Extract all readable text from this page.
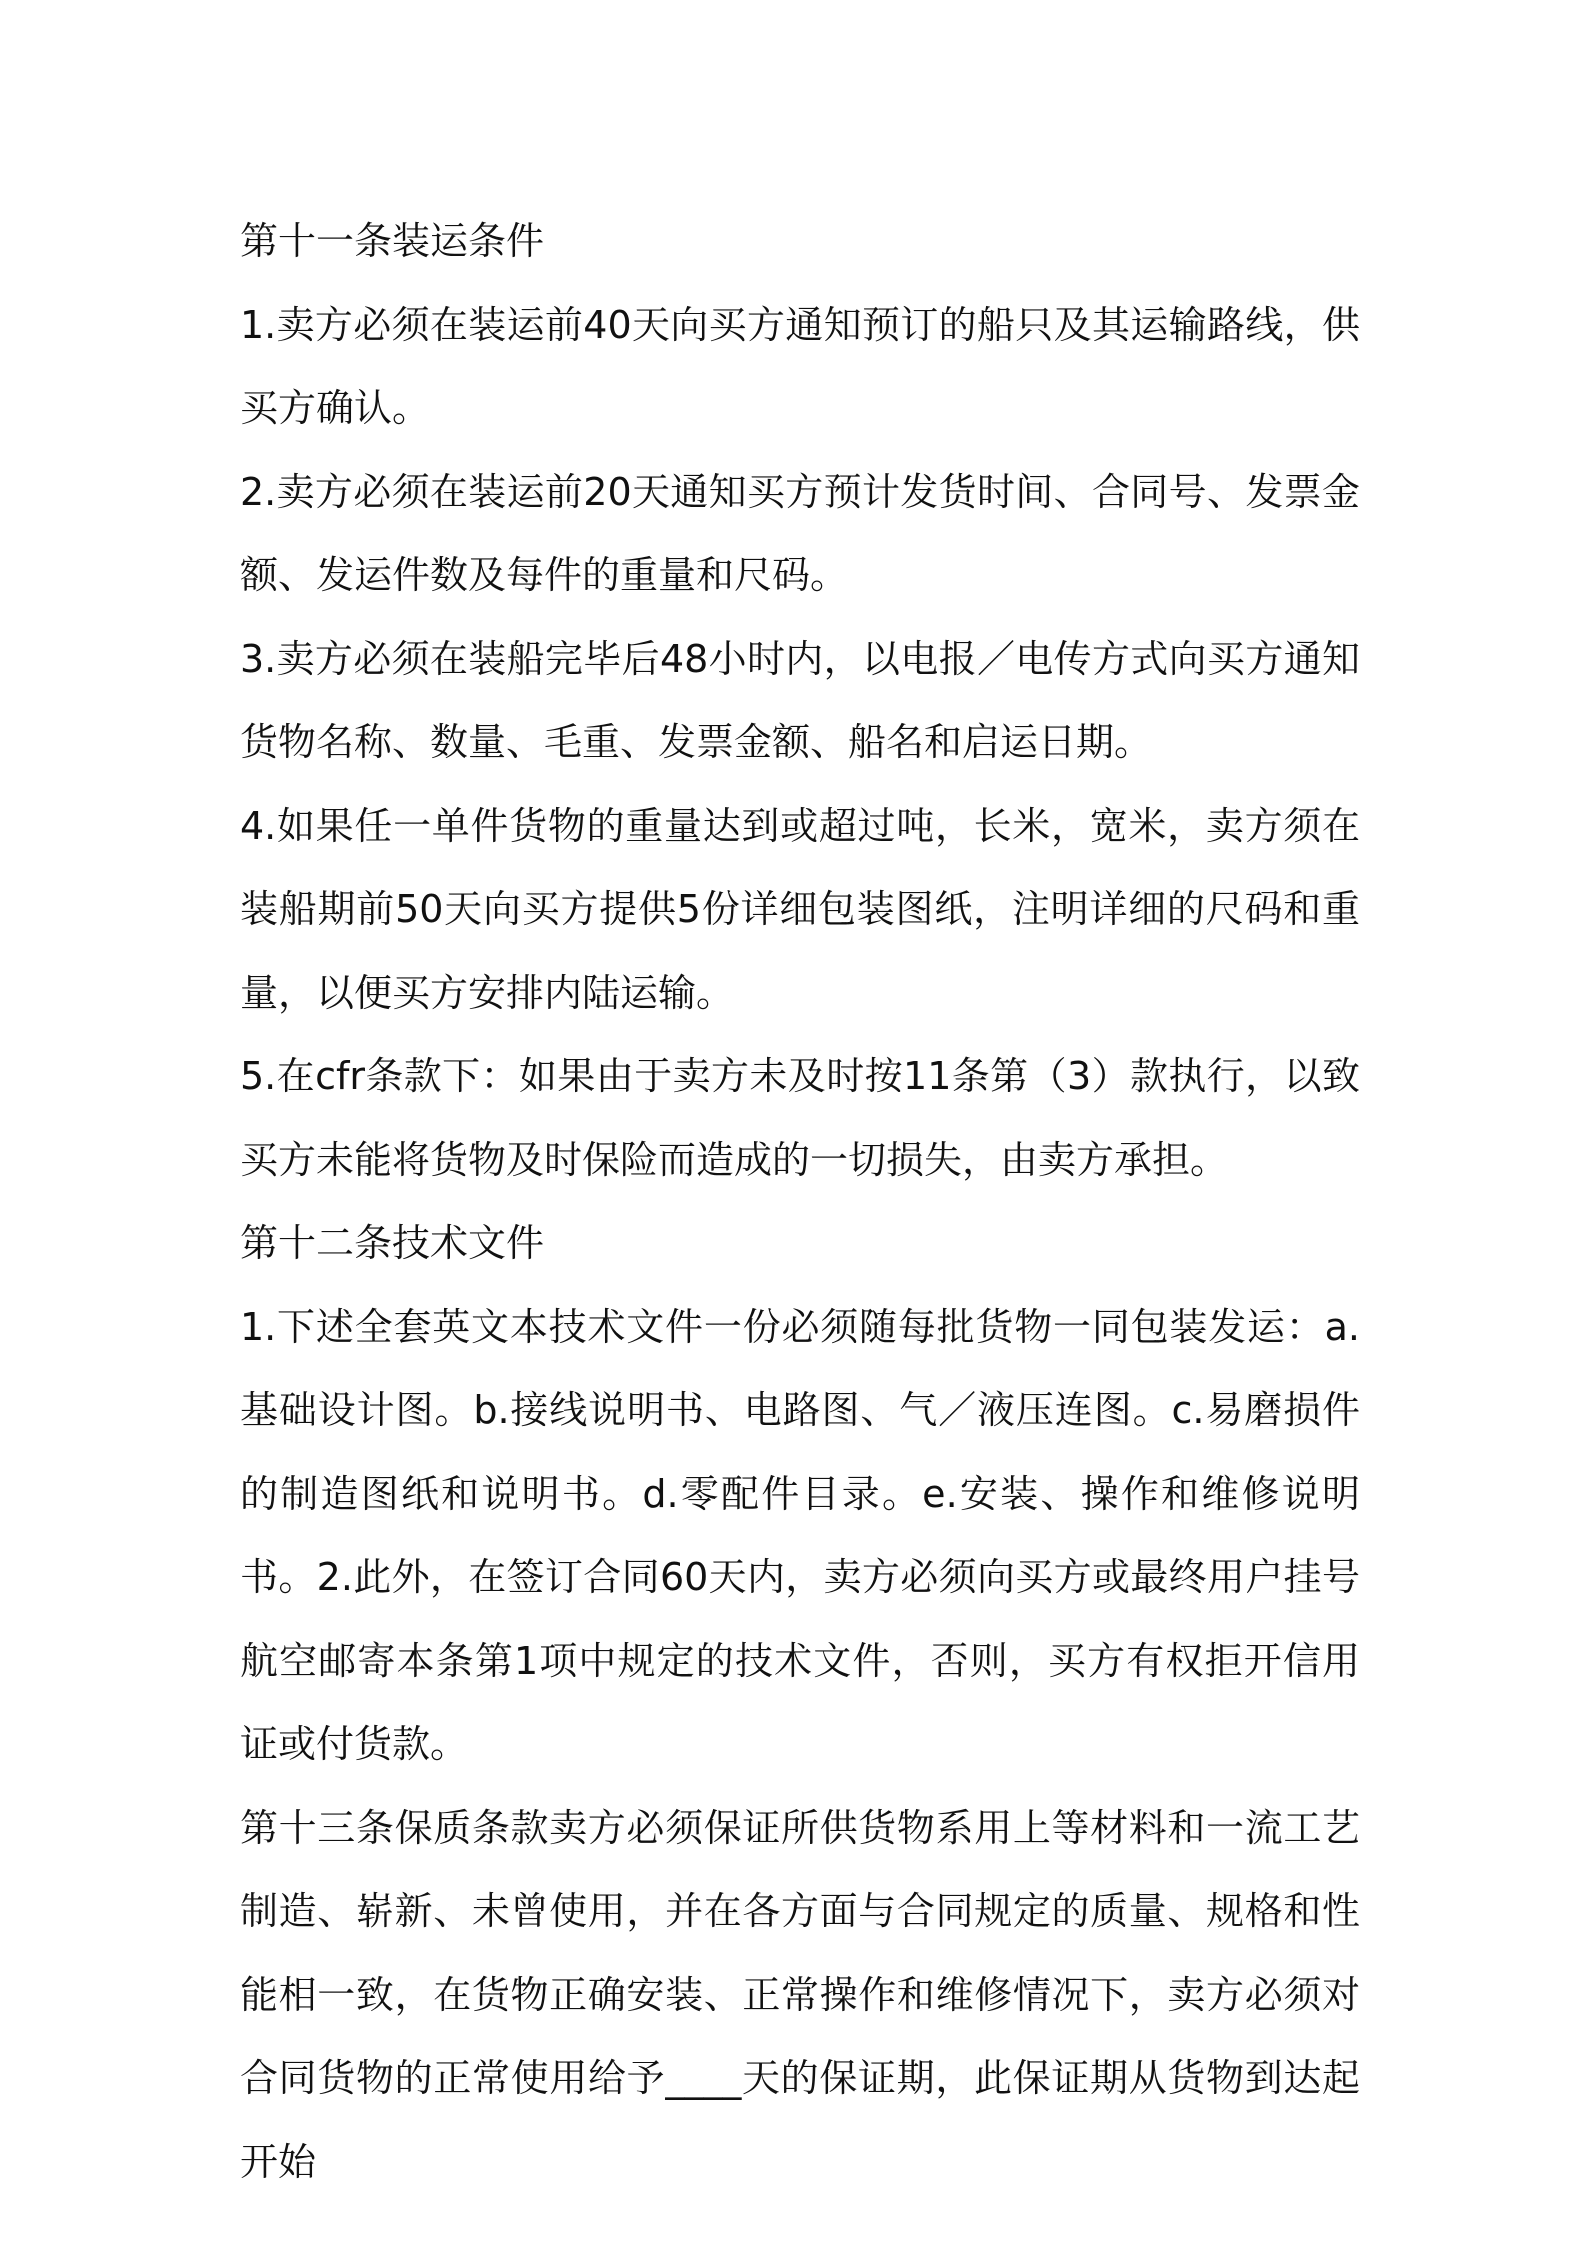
第十一条装运条件

1.卖方必须在装运前40天向买方通知预订的船只及其运输路线，供买方确认。

2.卖方必须在装运前20天通知买方预计发货时间、合同号、发票金额、发运件数及每件的重量和尺码。

3.卖方必须在装船完毕后48小时内，以电报／电传方式向买方通知货物名称、数量、毛重、发票金额、船名和启运日期。

4.如果任一单件货物的重量达到或超过吨，长米，宽米，卖方须在装船期前50天向买方提供5份详细包装图纸，注明详细的尺码和重量，以便买方安排内陆运输。

5.在cfr条款下：如果由于卖方未及时按11条第（3）款执行，以致买方未能将货物及时保险而造成的一切损失，由卖方承担。

第十二条技术文件

1.下述全套英文本技术文件一份必须随每批货物一同包装发运：a.基础设计图。b.接线说明书、电路图、气／液压连图。c.易磨损件的制造图纸和说明书。d.零配件目录。e.安装、操作和维修说明书。2.此外，在签订合同60天内，卖方必须向买方或最终用户挂号航空邮寄本条第1项中规定的技术文件，否则，买方有权拒开信用证或付货款。

第十三条保质条款卖方必须保证所供货物系用上等材料和一流工艺制造、崭新、未曾使用，并在各方面与合同规定的质量、规格和性能相一致，在货物正确安装、正常操作和维修情况下，卖方必须对合同货物的正常使用给予____天的保证期，此保证期从货物到达起开始
